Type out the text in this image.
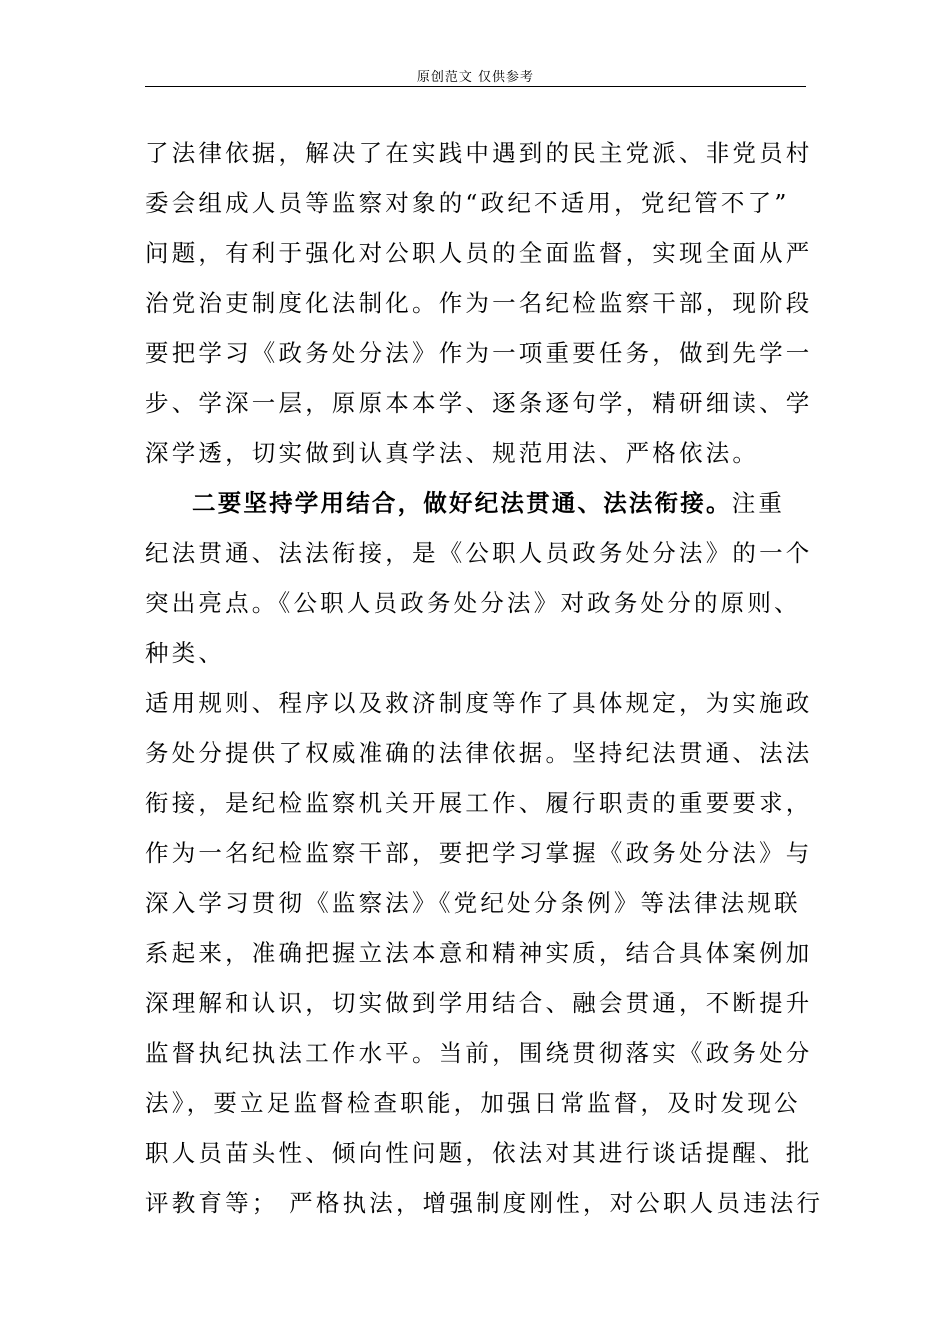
原创范文 仅供参考
了法律依据，解决了在实践中遇到的民主党派、非党员村
委会组成人员等监察对象的“政纪不适用，党纪管不了”
问题，有利于强化对公职人员的全面监督，实现全面从严
治党治吏制度化法制化。作为一名纪检监察干部，现阶段
要把学习《政务处分法》作为一项重要任务，做到先学一
步、学深一层，原原本本学、逐条逐句学，精研细读、学
深学透，切实做到认真学法、规范用法、严格依法。
二要坚持学用结合，做好纪法贯通、法法衔接。注重
纪法贯通、法法衔接，是《公职人员政务处分法》的一个
突出亮点。《公职人员政务处分法》对政务处分的原则、
种类、
适用规则、程序以及救济制度等作了具体规定，为实施政
务处分提供了权威准确的法律依据。坚持纪法贯通、法法
衔接，是纪检监察机关开展工作、履行职责的重要要求，
作为一名纪检监察干部，要把学习掌握《政务处分法》与
深入学习贯彻《监察法》《党纪处分条例》等法律法规联
系起来，准确把握立法本意和精神实质，结合具体案例加
深理解和认识，切实做到学用结合、融会贯通，不断提升
监督执纪执法工作水平。当前，围绕贯彻落实《政务处分
法》，要立足监督检查职能，加强日常监督，及时发现公
职人员苗头性、倾向性问题，依法对其进行谈话提醒、批
评教育等； 严格执法，增强制度刚性，对公职人员违法行
